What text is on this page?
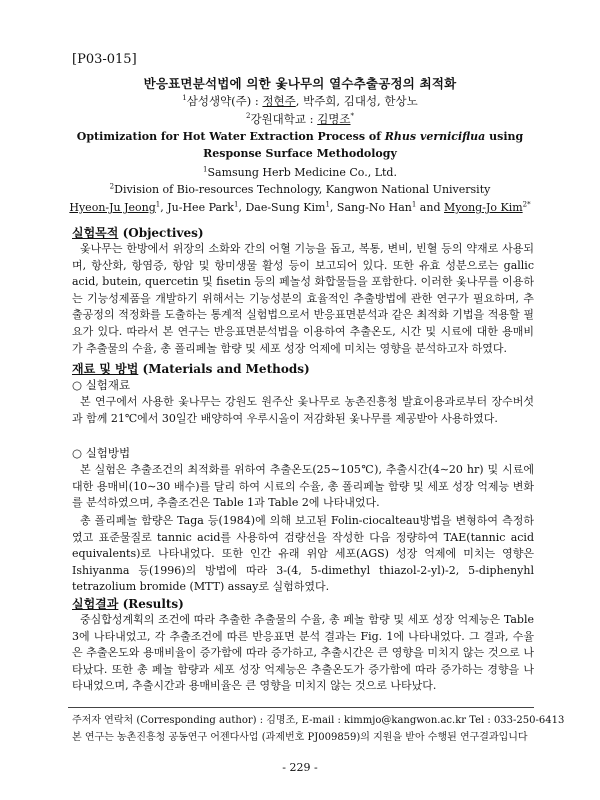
[P03-015]
반응표면분석법에 의한 옻나무의 열수추출공정의 최적화
$^1$삼성생약(주) : 정현주, 박주희, 김대성, 한상노
$^2$강원대학교 : 김명조*
Optimization for Hot Water Extraction Process of Rhus verniciflua using
Response Surface Methodology
$^1$Samsung Herb Medicine Co., Ltd.
$^2$Division of Bio-resources Technology, Kangwon National University
Hyeon-Ju Jeong$^1$, Ju-Hee Park$^1$, Dae-Sung Kim$^1$, Sang-No Han$^1$ and Myong-Jo Kim$^{2*}$
실험목적 (Objectives)
옻나무는 한방에서 위장의 소화와 간의 어혈 기능을 돕고, 복통, 변비, 빈혈 등의 약재로 사용되며, 항산화, 항염증, 항암 및 항미생물 활성 등이 보고되어 있다. 또한 유효 성분으로는 gallic acid, butein, quercetin 및 fisetin 등의 페놀성 화합물들을 포함한다. 이러한 옻나무를 이용하는 기능성제품을 개발하기 위해서는 기능성분의 효율적인 추출방법에 관한 연구가 필요하며, 추출공정의 적정화를 도출하는 통계적 실험법으로서 반응표면분석과 같은 최적화 기법을 적용할 필요가 있다. 따라서 본 연구는 반응표면분석법을 이용하여 추출온도, 시간 및 시료에 대한 용매비가 추출물의 수율, 총 폴리페놀 함량 및 세포 성장 억제에 미치는 영향을 분석하고자 하였다.
재료 및 방법 (Materials and Methods)
○ 실험재료
본 연구에서 사용한 옻나무는 강원도 원주산 옻나무로 농촌진흥청 발효이용과로부터 장수버섯과 함께 21℃에서 30일간 배양하여 우루시올이 저감화된 옻나무를 제공받아 사용하였다.
○ 실험방법
본 실험은 추출조건의 최적화를 위하여 추출온도(25∼105℃), 추출시간(4∼20 hr) 및 시료에 대한 용매비(10∼30 배수)를 달리 하여 시료의 수율, 총 폴리페놀 함량 및 세포 성장 억제능 변화를 분석하였으며, 추출조건은 Table 1과 Table 2에 나타내었다.
총 폴리페놀 함량은 Taga 등(1984)에 의해 보고된 Folin-ciocalteau방법을 변형하여 측정하였고 표준물질로 tannic acid를 사용하여 검량선을 작성한 다음 정량하여 TAE(tannic acid equivalents)로 나타내었다. 또한 인간 유래 위암 세포(AGS) 성장 억제에 미치는 영향은 Ishiyanma 등(1996)의 방법에 따라 3-(4, 5-dimethyl thiazol-2-yl)-2, 5-diphenyhl tetrazolium bromide (MTT) assay로 실험하였다.
실험결과 (Results)
중심합성계획의 조건에 따라 추출한 추출물의 수율, 총 페놀 함량 및 세포 성장 억제능은 Table 3에 나타내었고, 각 추출조건에 따른 반응표면 분석 결과는 Fig. 1에 나타내었다. 그 결과, 수율은 추출온도와 용매비율이 증가함에 따라 증가하고, 추출시간은 큰 영향을 미치지 않는 것으로 나타났다. 또한 총 페놀 함량과 세포 성장 억제능은 추출온도가 증가함에 따라 증가하는 경향을 나타내었으며, 추출시간과 용매비율은 큰 영향을 미치지 않는 것으로 나타났다.
주저자 연락처 (Corresponding author) : 김명조, E-mail : kimmjo@kangwon.ac.kr Tel : 033-250-6413
본 연구는 농촌진흥청 공동연구 어젠다사업 (과제번호 PJ009859)의 지원을 받아 수행된 연구결과입니다
- 229 -
